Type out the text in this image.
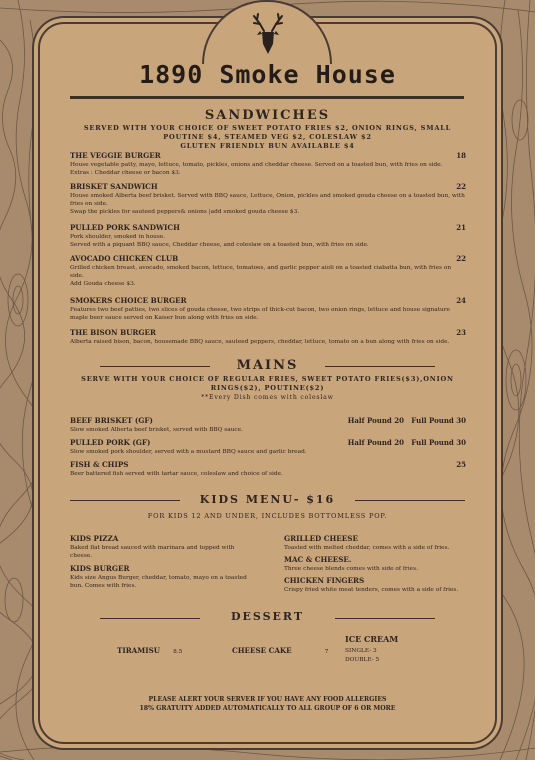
1890 Smoke House
SANDWICHES
SERVED WITH YOUR CHOICE OF SWEET POTATO FRIES $2, ONION RINGS, SMALL POUTINE $4, STEAMED VEG $2, COLESLAW $2
GLUTEN FRIENDLY BUN AVAILABLE $4
THE VEGGIE BURGER	18
House vegetable patty, mayo, lettuce, tomato, pickles, onions and cheddar cheese. Served on a toasted bun, with fries on side.
Extras : Cheddar cheese or bacon $3.
BRISKET SANDWICH	22
House smoked Alberta beef brisket. Served with BBQ sauce, Lettuce, Onion, pickles and smoked gouda cheese on a toasted bun, with fries on side.
Swap the pickles for sauteed peppers& onions |add smoked gouda cheese $3.
PULLED PORK SANDWICH	21
Pork shoulder, smoked in house.
Served with a piquant BBQ sauce, Cheddar cheese, and coleslaw on a toasted bun, with fries on side.
AVOCADO CHICKEN CLUB	22
Grilled chicken breast, avocado, smoked bacon, lettuce, tomatoes, and garlic pepper aioli on a toasted ciabatta bun, with fries on side.
Add Gouda cheese $3.
SMOKERS CHOICE BURGER	24
Features two beef patties, two slices of gouda cheese, two strips of thick-cut bacon, two onion rings, lettuce and house signature maple beer sauce served on Kaiser bun along with fries on side.
THE BISON BURGER	23
Alberta raised bison, bacon, housemade BBQ sauce, sauteed peppers, cheddar, lettuce, tomato on a bun along with fries on side.
MAINS
SERVE WITH YOUR CHOICE OF REGULAR FRIES, SWEET POTATO FRIES($3),ONION RINGS($2), POUTINE($2)
**Every Dish comes with coleslaw
BEEF BRISKET (GF)	Half Pound 20   Full Pound 30
Slow smoked Alberta beef brisket, served with BBQ sauce.
PULLED PORK (GF)	Half Pound 20   Full Pound 30
Slow smoked pork shoulder, served with a mustard BBQ sauce and garlic bread.
FISH & CHIPS	25
Beer battered fish served with tartar sauce, coleslaw and choice of side.
KIDS MENU- $16
FOR KIDS 12 AND UNDER, INCLUDES BOTTOMLESS POP.
KIDS PIZZA
Baked flat bread sauced with marinara and topped with cheese.
KIDS BURGER
Kids size Angus Burger, cheddar, tomato, mayo on a toasted bun. Comes with fries.
GRILLED CHEESE
Toasted with melted cheddar, comes with a side of fries.
MAC & CHEESE.
Three cheese blends comes with side of fries.
CHICKEN FINGERS
Crispy fried white meat tenders, comes with a side of fries.
DESSERT
TIRAMISU 8.5	CHEESE CAKE	7
ICE CREAM
SINGLE- 3
DOUBLE- 5
PLEASE ALERT YOUR SERVER IF YOU HAVE ANY FOOD ALLERGIES
18% GRATUITY ADDED AUTOMATICALLY TO ALL GROUP OF 6 OR MORE
